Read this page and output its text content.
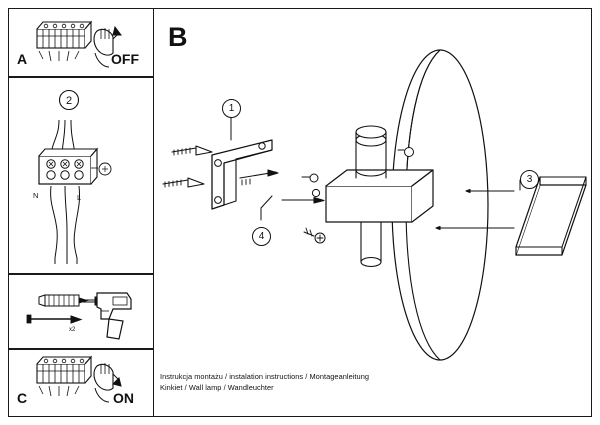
B
1
3
4
A	OFF
2
N	L
x2
C	ON
Instrukcja montażu / instalation instructions / Montageanleitung
Kinkiet / Wall lamp / Wandleuchter
